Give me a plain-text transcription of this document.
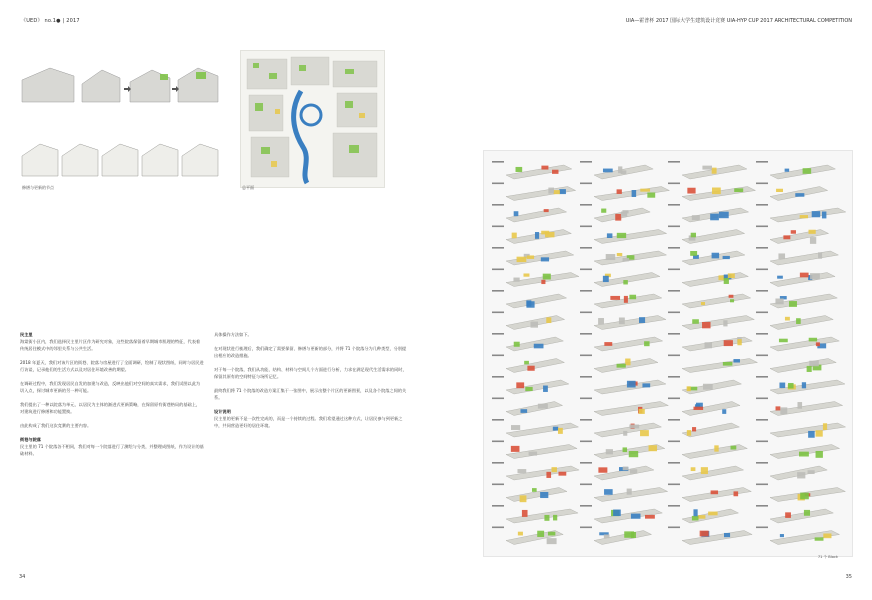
《UED》 no.1● | 2017
修缮与更新的节点	总平面

民主里

海棠街小区内，我们选择民主里片区作为研究对象，这些院落保留着早期城市肌理的特征，代表着传统居住模式中的邻里关系与公共生活。

2018 年夏天，我们对该片区的街巷、院落与房屋进行了全面调研，绘制了现状图纸，同时与居民进行访谈，记录他们的生活方式以及对居住环境改善的期望。

在调研过程中，我们发现居民自发的加建与改造，反映出他们对空间的真实需求，我们试图以此为切入点，探讨城市更新的另一种可能。

我们提出了一种以院落为单元、以居民为主体的渐进式更新策略，在保留原有街巷格局的基础上，对建筑进行修缮和功能置换。

由此构成了我们这次竞赛的主要内容。

街巷与院落

民主里的 71 个院落各不相同，我们对每一个院落进行了测绘与分类，并整理成图纸，作为设计的基础材料。

具体操作方法如下。

在对现状进行梳理后，我们确定了需要保留、修缮与更新的部分，并将 71 个院落分为几种类型，分别提出相应的改造措施。

对于每一个院落，我们从功能、结构、材料与空间几个方面进行分析，力求在满足现代生活需求的同时，保留其原有的空间特征与场所记忆。

最终我们将 71 个院落的改造方案汇集于一张图中，展示出整个片区的更新图景，以及各个院落之间的关系。

设计说明

民主里的更新不是一次性完成的，而是一个持续的过程。我们希望通过这种方式，让居民参与到更新之中，共同营造更好的居住环境。

34
UIA—霍普杯 2017 国际大学生建筑设计竞赛 UIA-HYP CUP 2017 ARCHITECTURAL COMPETITION
71 个 Block
35
